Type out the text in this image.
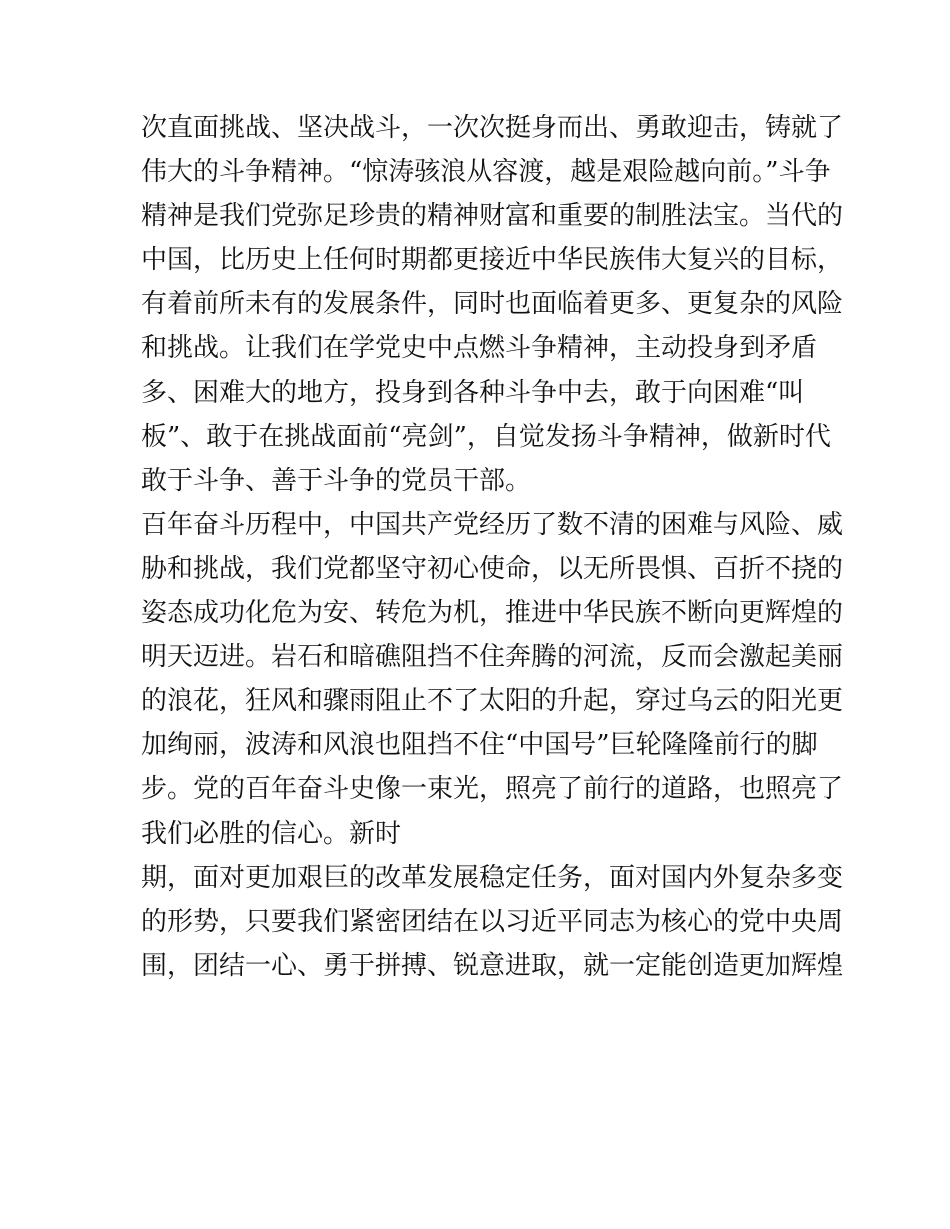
次直面挑战、坚决战斗，一次次挺身而出、勇敢迎击，铸就了
伟大的斗争精神。“惊涛骇浪从容渡，越是艰险越向前。”斗争
精神是我们党弥足珍贵的精神财富和重要的制胜法宝。当代的
中国，比历史上任何时期都更接近中华民族伟大复兴的目标，
有着前所未有的发展条件，同时也面临着更多、更复杂的风险
和挑战。让我们在学党史中点燃斗争精神，主动投身到矛盾
多、困难大的地方，投身到各种斗争中去，敢于向困难“叫
板”、敢于在挑战面前“亮剑”，自觉发扬斗争精神，做新时代
敢于斗争、善于斗争的党员干部。
百年奋斗历程中，中国共产党经历了数不清的困难与风险、威
胁和挑战，我们党都坚守初心使命，以无所畏惧、百折不挠的
姿态成功化危为安、转危为机，推进中华民族不断向更辉煌的
明天迈进。岩石和暗礁阻挡不住奔腾的河流，反而会激起美丽
的浪花，狂风和骤雨阻止不了太阳的升起，穿过乌云的阳光更
加绚丽，波涛和风浪也阻挡不住“中国号”巨轮隆隆前行的脚
步。党的百年奋斗史像一束光，照亮了前行的道路，也照亮了
我们必胜的信心。新时
期，面对更加艰巨的改革发展稳定任务，面对国内外复杂多变
的形势，只要我们紧密团结在以习近平同志为核心的党中央周
围，团结一心、勇于拼搏、锐意进取，就一定能创造更加辉煌
